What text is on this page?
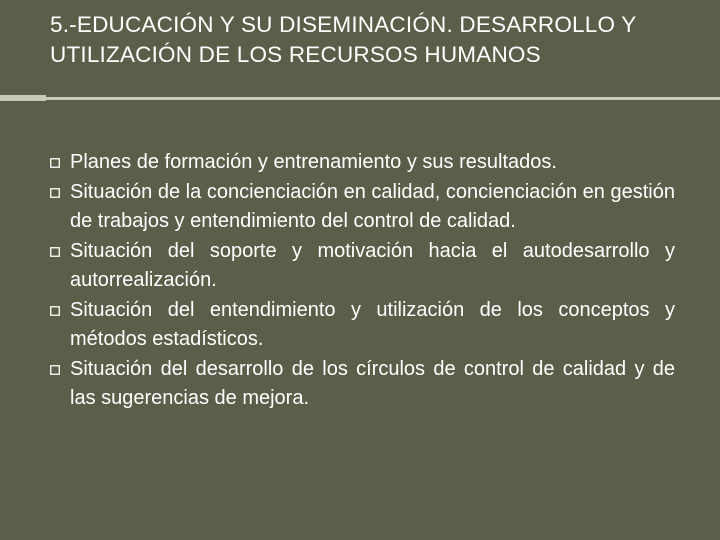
5.-EDUCACIÓN Y SU DISEMINACIÓN. DESARROLLO Y UTILIZACIÓN DE LOS RECURSOS HUMANOS
Planes de formación y entrenamiento y sus resultados.
Situación de la concienciación en calidad, concienciación en gestión de trabajos y entendimiento del control de calidad.
Situación del soporte y motivación hacia el autodesarrollo y autorrealización.
Situación del entendimiento y utilización de los conceptos y métodos estadísticos.
Situación del desarrollo de los círculos de control de calidad y de las sugerencias de mejora.
